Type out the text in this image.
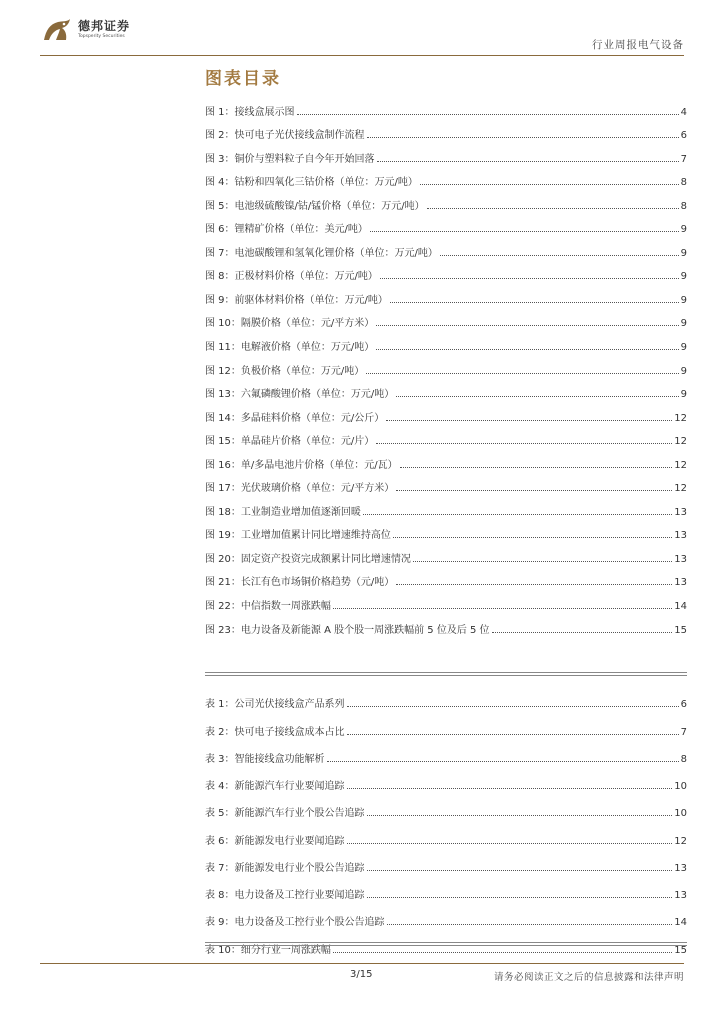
德邦证券
Topsperity Securities
行业周报电气设备
图表目录
图 1：接线盒展示图	4
图 2：快可电子光伏接线盒制作流程	6
图 3：铜价与塑料粒子自今年开始回落	7
图 4：钴粉和四氧化三钴价格（单位：万元/吨）	8
图 5：电池级硫酸镍/钴/锰价格（单位：万元/吨）	8
图 6：锂精矿价格（单位：美元/吨）	9
图 7：电池碳酸锂和氢氧化锂价格（单位：万元/吨）	9
图 8：正极材料价格（单位：万元/吨）	9
图 9：前驱体材料价格（单位：万元/吨）	9
图 10：隔膜价格（单位：元/平方米）	9
图 11：电解液价格（单位：万元/吨）	9
图 12：负极价格（单位：万元/吨）	9
图 13：六氟磷酸锂价格（单位：万元/吨）	9
图 14：多晶硅料价格（单位：元/公斤）	12
图 15：单晶硅片价格（单位：元/片）	12
图 16：单/多晶电池片价格（单位：元/瓦）	12
图 17：光伏玻璃价格（单位：元/平方米）	12
图 18：工业制造业增加值逐渐回暖	13
图 19：工业增加值累计同比增速维持高位	13
图 20：固定资产投资完成额累计同比增速情况	13
图 21：长江有色市场铜价格趋势（元/吨）	13
图 22：中信指数一周涨跌幅	14
图 23：电力设备及新能源 A 股个股一周涨跌幅前 5 位及后 5 位	15
表 1：公司光伏接线盒产品系列	6
表 2：快可电子接线盒成本占比	7
表 3：智能接线盒功能解析	8
表 4：新能源汽车行业要闻追踪	10
表 5：新能源汽车行业个股公告追踪	10
表 6：新能源发电行业要闻追踪	12
表 7：新能源发电行业个股公告追踪	13
表 8：电力设备及工控行业要闻追踪	13
表 9：电力设备及工控行业个股公告追踪	14
表 10：细分行业一周涨跌幅	15
3/15	请务必阅读正文之后的信息披露和法律声明
